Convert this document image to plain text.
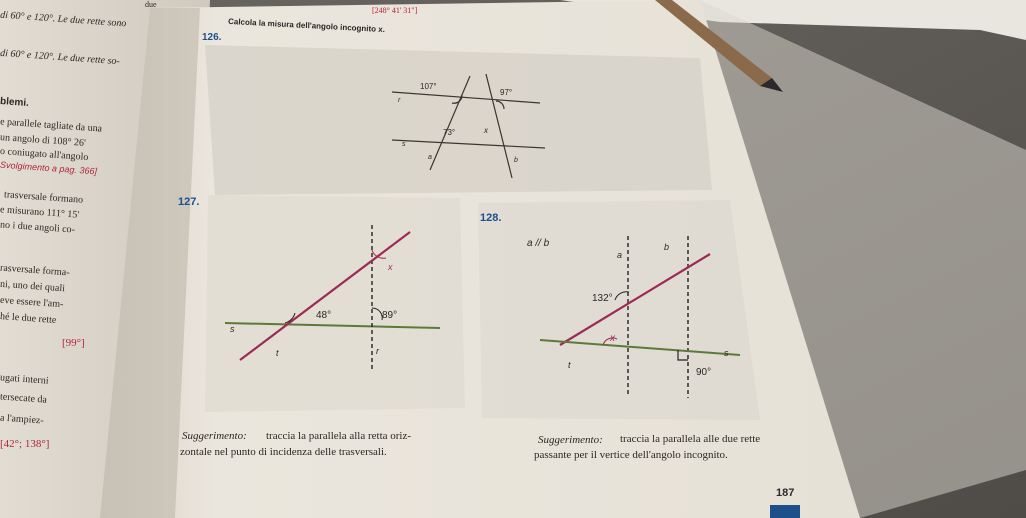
di 60° e 120°. Le due rette sono
di 60° e 120°. Le due rette so-
blemi.
e parallele tagliate da una
un angolo di 108° 26'
o coniugato all'angolo
Svolgimento a pag. 366]
trasversale formano
e misurano 111° 15'
no i due angoli co-
rasversale forma-
ni, uno dei quali
eve essere l'am-
hé le due rette
[99°]
ugati interni
tersecate da
a l'ampiez-
[42°; 138°]
[248° 41' 31"]
due
126.
Calcola la misura dell'angolo incognito x.
107°
97°
73°	x
r
s
a	b
127.
x
48°	89°
s
t	r
Suggerimento: traccia la parallela alla retta oriz-
zontale nel punto di incidenza delle trasversali.
128.
a // b
132°
x
90°
a
b
s
t
Suggerimento: traccia la parallela alle due rette
passante per il vertice dell'angolo incognito.
187
